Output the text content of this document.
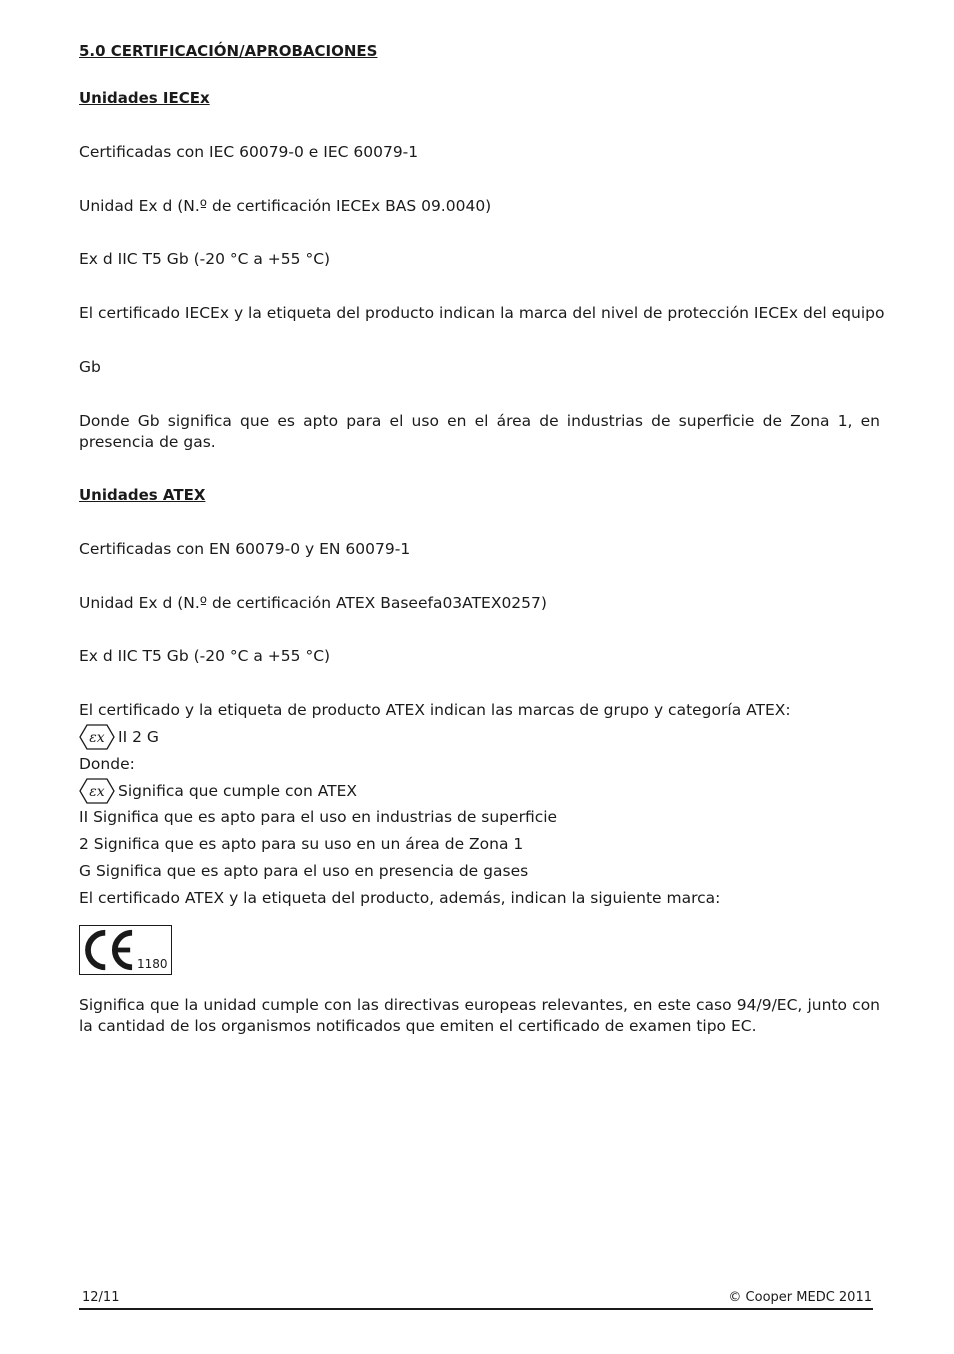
5.0 CERTIFICACIÓN/APROBACIONES
Unidades IECEx
Certificadas con IEC 60079-0 e IEC 60079-1
Unidad Ex d (N.º de certificación IECEx BAS 09.0040)
Ex d IIC T5 Gb (-20 °C a +55 °C)
El certificado IECEx y la etiqueta del producto indican la marca del nivel de protección IECEx del equipo
Gb
Donde Gb significa que es apto para el uso en el área de industrias de superficie de Zona 1, en presencia de gas.
Unidades ATEX
Certificadas con EN 60079-0 y EN 60079-1
Unidad Ex d (N.º de certificación ATEX Baseefa03ATEX0257)
Ex d IIC T5 Gb (-20 °C a +55 °C)
El certificado y la etiqueta de producto ATEX indican las marcas de grupo y categoría ATEX:
εx II 2 G
Donde:
εx Significa que cumple con ATEX
II Significa que es apto para el uso en industrias de superficie
2 Significa que es apto para su uso en un área de Zona 1
G Significa que es apto para el uso en presencia de gases
El certificado ATEX y la etiqueta del producto, además, indican la siguiente marca:
1180
Significa que la unidad cumple con las directivas europeas relevantes, en este caso 94/9/EC, junto con la cantidad de los organismos notificados que emiten el certificado de examen tipo EC.
12/11	© Cooper MEDC 2011
